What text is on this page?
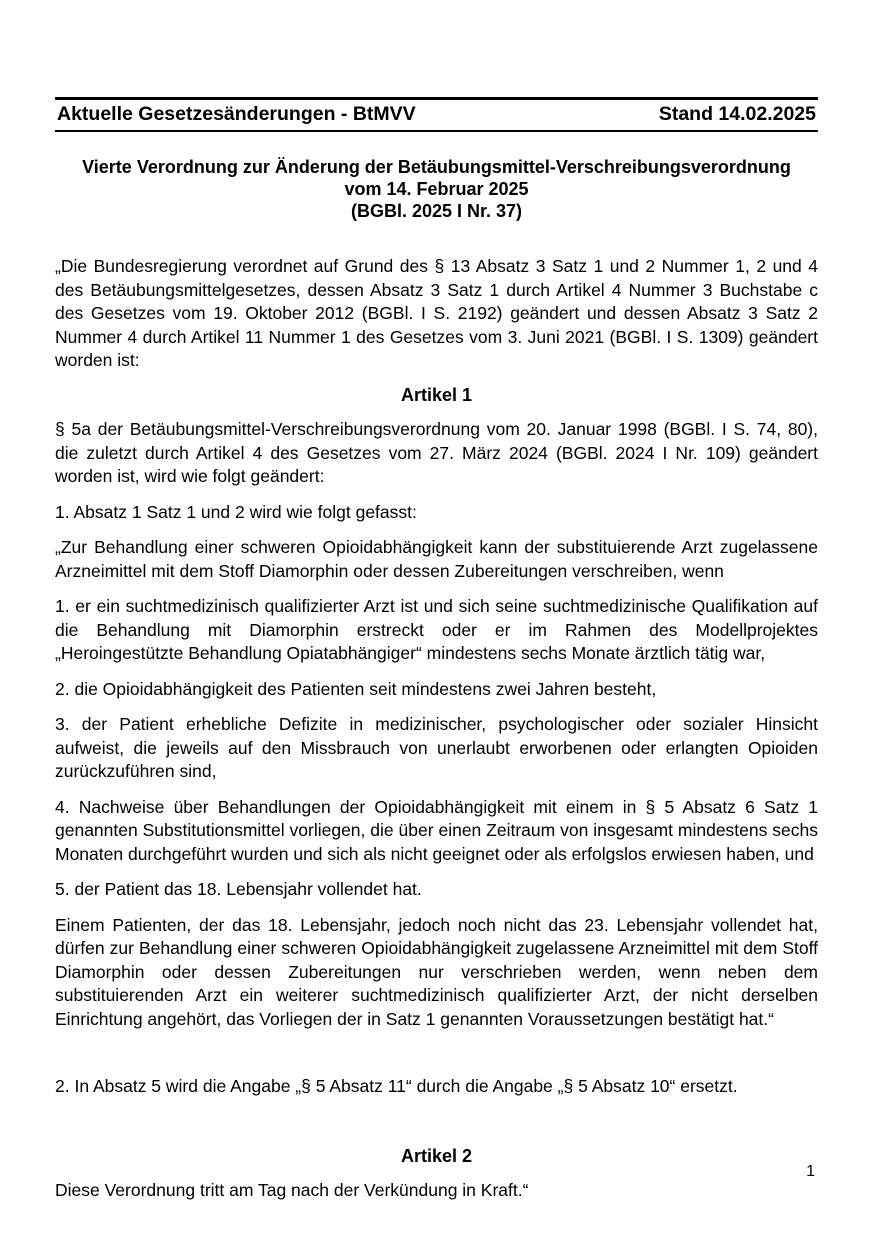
Aktuelle Gesetzesänderungen - BtMVV	Stand 14.02.2025
Vierte Verordnung zur Änderung der Betäubungsmittel-Verschreibungsverordnung
vom 14. Februar 2025
(BGBl. 2025 I Nr. 37)

„Die Bundesregierung verordnet auf Grund des § 13 Absatz 3 Satz 1 und 2 Nummer 1, 2 und 4 des Betäubungsmittelgesetzes, dessen Absatz 3 Satz 1 durch Artikel 4 Nummer 3 Buchstabe c des Gesetzes vom 19. Oktober 2012 (BGBl. I S. 2192) geändert und dessen Absatz 3 Satz 2 Nummer 4 durch Artikel 11 Nummer 1 des Gesetzes vom 3. Juni 2021 (BGBl. I S. 1309) geändert worden ist:

Artikel 1

§ 5a der Betäubungsmittel-Verschreibungsverordnung vom 20. Januar 1998 (BGBl. I S. 74, 80), die zuletzt durch Artikel 4 des Gesetzes vom 27. März 2024 (BGBl. 2024 I Nr. 109) geändert worden ist, wird wie folgt geändert:

1. Absatz 1 Satz 1 und 2 wird wie folgt gefasst:

„Zur Behandlung einer schweren Opioidabhängigkeit kann der substituierende Arzt zugelassene Arzneimittel mit dem Stoff Diamorphin oder dessen Zubereitungen verschreiben, wenn

1. er ein suchtmedizinisch qualifizierter Arzt ist und sich seine suchtmedizinische Qualifikation auf die Behandlung mit Diamorphin erstreckt oder er im Rahmen des Modellprojektes „Heroingestützte Behandlung Opiatabhängiger“ mindestens sechs Monate ärztlich tätig war,

2. die Opioidabhängigkeit des Patienten seit mindestens zwei Jahren besteht,

3. der Patient erhebliche Defizite in medizinischer, psychologischer oder sozialer Hinsicht aufweist, die jeweils auf den Missbrauch von unerlaubt erworbenen oder erlangten Opioiden zurückzuführen sind,

4. Nachweise über Behandlungen der Opioidabhängigkeit mit einem in § 5 Absatz 6 Satz 1 genannten Substitutionsmittel vorliegen, die über einen Zeitraum von insgesamt mindestens sechs Monaten durchgeführt wurden und sich als nicht geeignet oder als erfolgslos erwiesen haben, und

5. der Patient das 18. Lebensjahr vollendet hat.

Einem Patienten, der das 18. Lebensjahr, jedoch noch nicht das 23. Lebensjahr vollendet hat, dürfen zur Behandlung einer schweren Opioidabhängigkeit zugelassene Arzneimittel mit dem Stoff Diamorphin oder dessen Zubereitungen nur verschrieben werden, wenn neben dem substituierenden Arzt ein weiterer suchtmedizinisch qualifizierter Arzt, der nicht derselben Einrichtung angehört, das Vorliegen der in Satz 1 genannten Voraussetzungen bestätigt hat.“

2. In Absatz 5 wird die Angabe „§ 5 Absatz 11“ durch die Angabe „§ 5 Absatz 10“ ersetzt.

Artikel 2

Diese Verordnung tritt am Tag nach der Verkündung in Kraft.“

1
